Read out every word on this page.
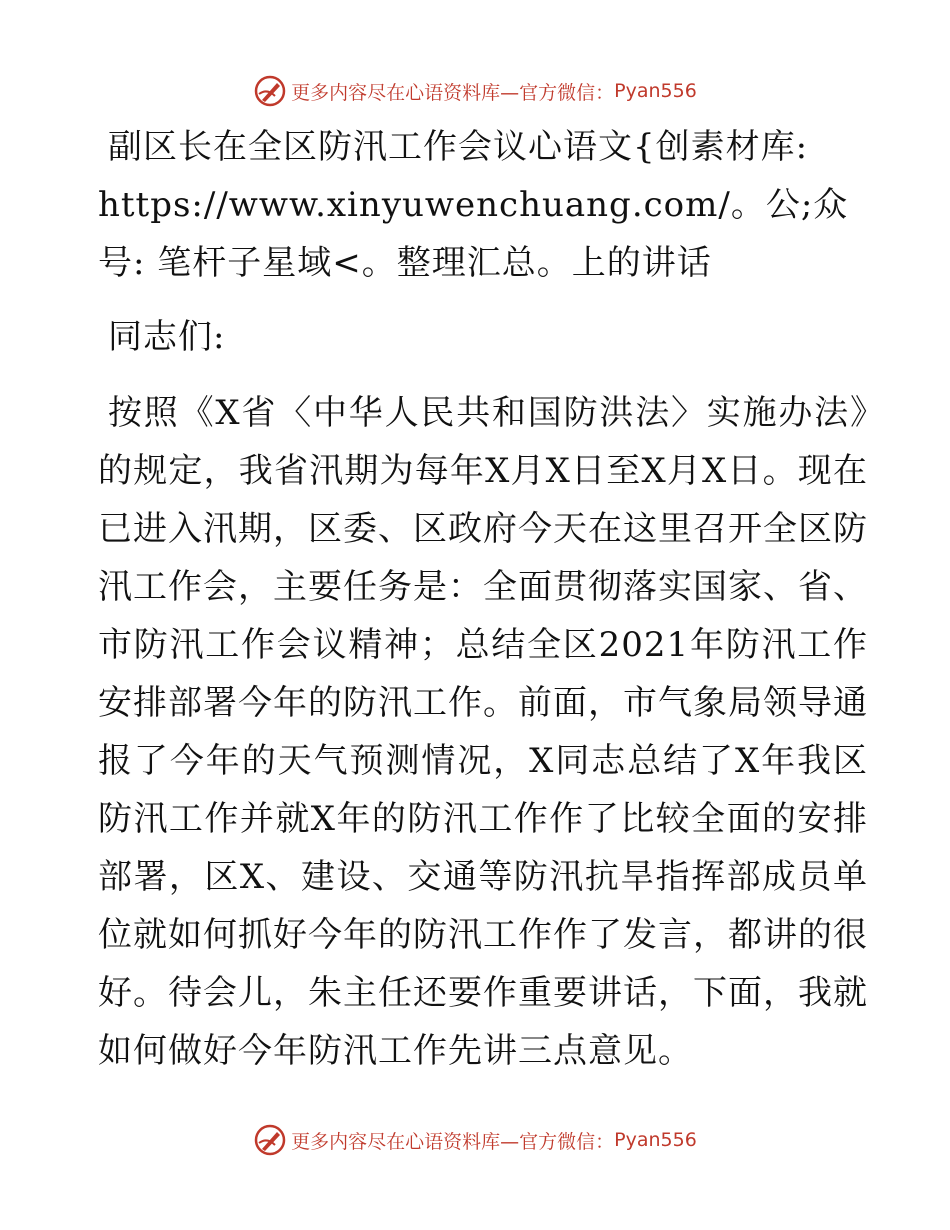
更多内容尽在心语资料库—官方微信： Pyan556

副区长在全区防汛工作会议心语文{创素材库: https://www.xinyuwenchuang.com/。公;众号: 笔杆子星域<。整理汇总。上的讲话

同志们:

按照《X省〈中华人民共和国防洪法〉实施办法》的规定，我省汛期为每年X月X日至X月X日。现在已进入汛期，区委、区政府今天在这里召开全区防汛工作会，主要任务是：全面贯彻落实国家、省、市防汛工作会议精神；总结全区2021年防汛工作安排部署今年的防汛工作。前面，市气象局领导通报了今年的天气预测情况，X同志总结了X年我区防汛工作并就X年的防汛工作作了比较全面的安排部署，区X、建设、交通等防汛抗旱指挥部成员单位就如何抓好今年的防汛工作作了发言，都讲的很好。待会儿，朱主任还要作重要讲话，下面，我就如何做好今年防汛工作先讲三点意见。

更多内容尽在心语资料库—官方微信： Pyan556
